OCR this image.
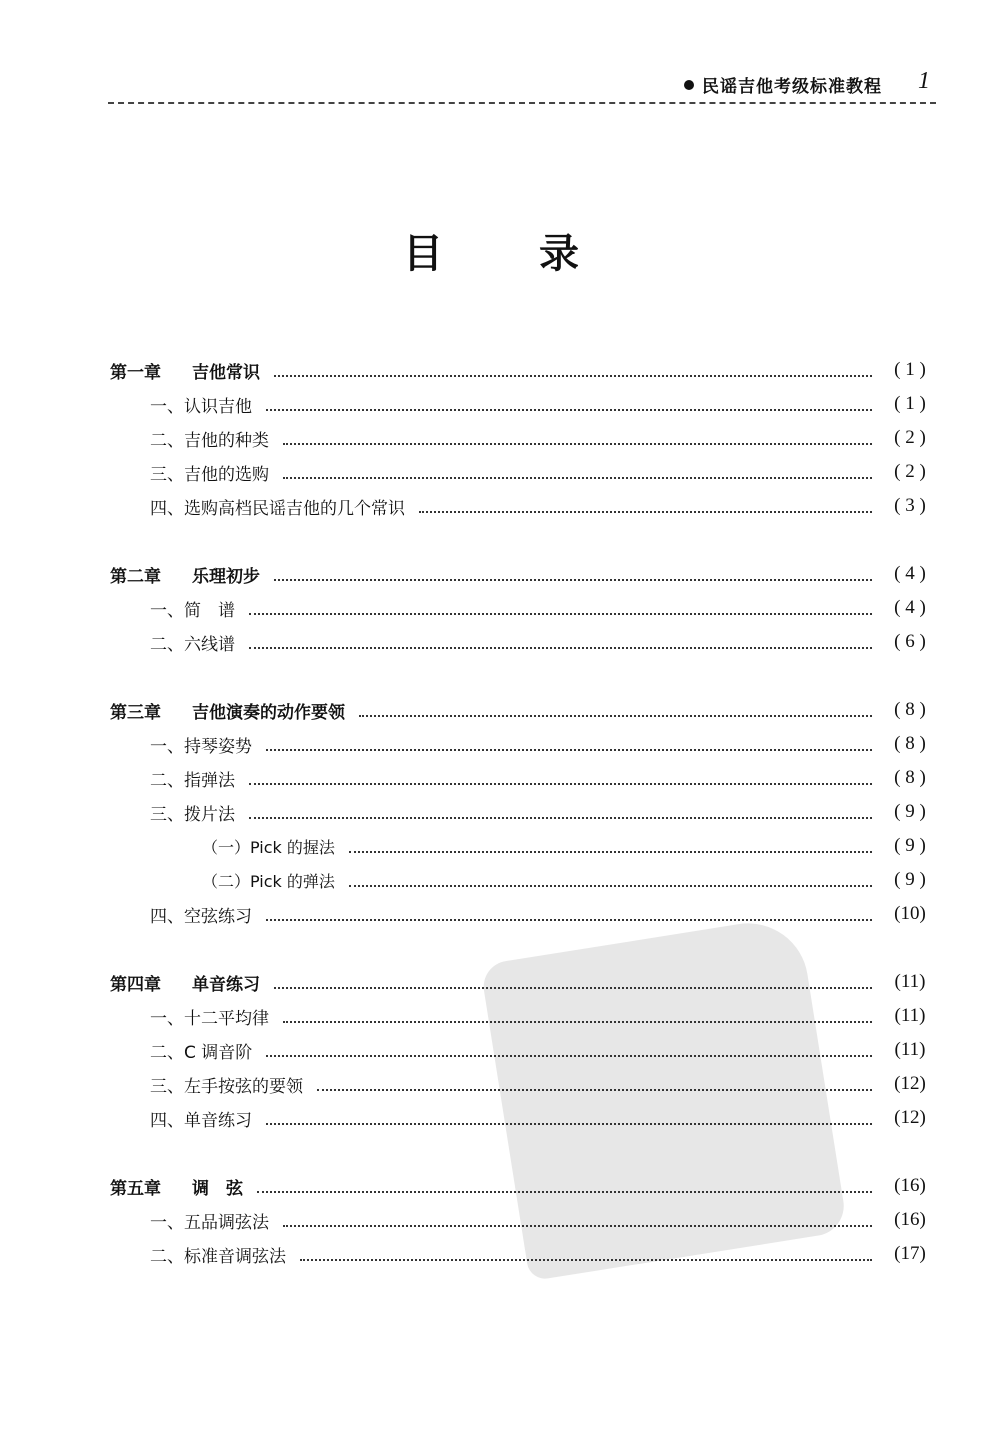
民谣吉他考级标准教程 1
目录
第一章 吉他常识	( 1 )
一、认识吉他	( 1 )
二、吉他的种类	( 2 )
三、吉他的选购	( 2 )
四、选购高档民谣吉他的几个常识	( 3 )
第二章 乐理初步	( 4 )
一、简　谱	( 4 )
二、六线谱	( 6 )
第三章 吉他演奏的动作要领	( 8 )
一、持琴姿势	( 8 )
二、指弹法	( 8 )
三、拨片法	( 9 )
（一）Pick 的握法	( 9 )
（二）Pick 的弹法	( 9 )
四、空弦练习	(10)
第四章 单音练习	(11)
一、十二平均律	(11)
二、C 调音阶	(11)
三、左手按弦的要领	(12)
四、单音练习	(12)
第五章 调　弦	(16)
一、五品调弦法	(16)
二、标准音调弦法	(17)
